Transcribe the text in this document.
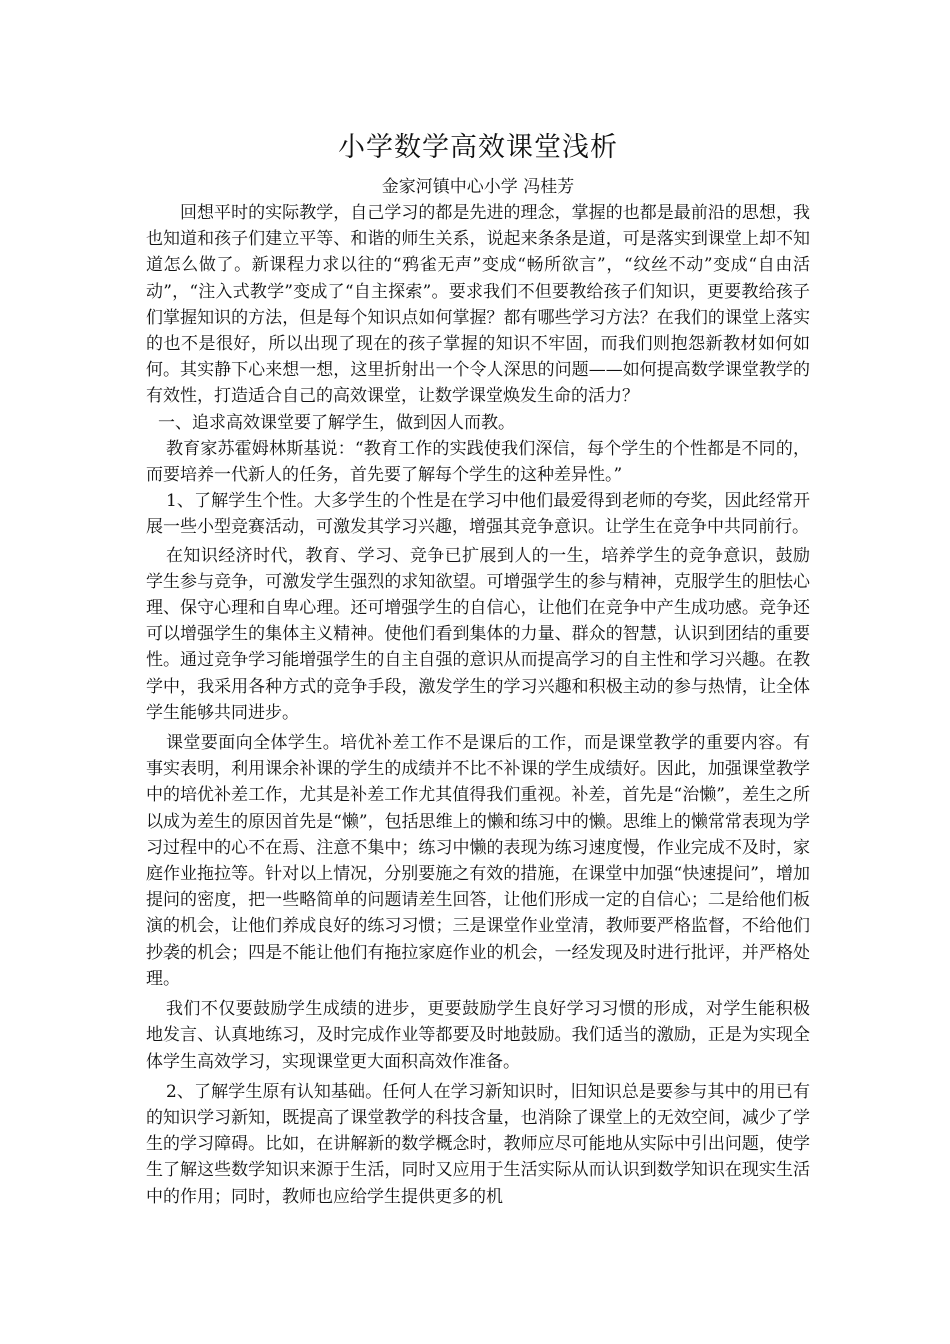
小学数学高效课堂浅析

金家河镇中心小学 冯桂芳

回想平时的实际教学，自己学习的都是先进的理念，掌握的也都是最前沿的思想，我也知道和孩子们建立平等、和谐的师生关系，说起来条条是道，可是落实到课堂上却不知道怎么做了。新课程力求以往的“鸦雀无声”变成“畅所欲言”，“纹丝不动”变成“自由活动”，“注入式教学”变成了“自主探索”。要求我们不但要教给孩子们知识，更要教给孩子们掌握知识的方法，但是每个知识点如何掌握？都有哪些学习方法？在我们的课堂上落实的也不是很好，所以出现了现在的孩子掌握的知识不牢固，而我们则抱怨新教材如何如何。其实静下心来想一想，这里折射出一个令人深思的问题——如何提高数学课堂教学的有效性，打造适合自己的高效课堂，让数学课堂焕发生命的活力？

一、追求高效课堂要了解学生，做到因人而教。

教育家苏霍姆林斯基说：“教育工作的实践使我们深信，每个学生的个性都是不同的，而要培养一代新人的任务，首先要了解每个学生的这种差异性。”

1、了解学生个性。大多学生的个性是在学习中他们最爱得到老师的夸奖，因此经常开展一些小型竞赛活动，可激发其学习兴趣，增强其竞争意识。让学生在竞争中共同前行。

在知识经济时代，教育、学习、竞争已扩展到人的一生，培养学生的竞争意识，鼓励学生参与竞争，可激发学生强烈的求知欲望。可增强学生的参与精神，克服学生的胆怯心理、保守心理和自卑心理。还可增强学生的自信心，让他们在竞争中产生成功感。竞争还可以增强学生的集体主义精神。使他们看到集体的力量、群众的智慧，认识到团结的重要性。通过竞争学习能增强学生的自主自强的意识从而提高学习的自主性和学习兴趣。在教学中，我采用各种方式的竞争手段，激发学生的学习兴趣和积极主动的参与热情，让全体学生能够共同进步。

课堂要面向全体学生。培优补差工作不是课后的工作，而是课堂教学的重要内容。有事实表明，利用课余补课的学生的成绩并不比不补课的学生成绩好。因此，加强课堂教学中的培优补差工作，尤其是补差工作尤其值得我们重视。补差，首先是“治懒”，差生之所以成为差生的原因首先是“懒”，包括思维上的懒和练习中的懒。思维上的懒常常表现为学习过程中的心不在焉、注意不集中；练习中懒的表现为练习速度慢，作业完成不及时，家庭作业拖拉等。针对以上情况，分别要施之有效的措施，在课堂中加强“快速提问”，增加提问的密度，把一些略简单的问题请差生回答，让他们形成一定的自信心；二是给他们板演的机会，让他们养成良好的练习习惯；三是课堂作业堂清，教师要严格监督，不给他们抄袭的机会；四是不能让他们有拖拉家庭作业的机会，一经发现及时进行批评，并严格处理。

我们不仅要鼓励学生成绩的进步，更要鼓励学生良好学习习惯的形成，对学生能积极地发言、认真地练习，及时完成作业等都要及时地鼓励。我们适当的激励，正是为实现全体学生高效学习，实现课堂更大面积高效作准备。

2、了解学生原有认知基础。任何人在学习新知识时，旧知识总是要参与其中的用已有的知识学习新知，既提高了课堂教学的科技含量，也消除了课堂上的无效空间，减少了学生的学习障碍。比如，在讲解新的数学概念时，教师应尽可能地从实际中引出问题，使学生了解这些数学知识来源于生活，同时又应用于生活实际从而认识到数学知识在现实生活中的作用；同时，教师也应给学生提供更多的机
